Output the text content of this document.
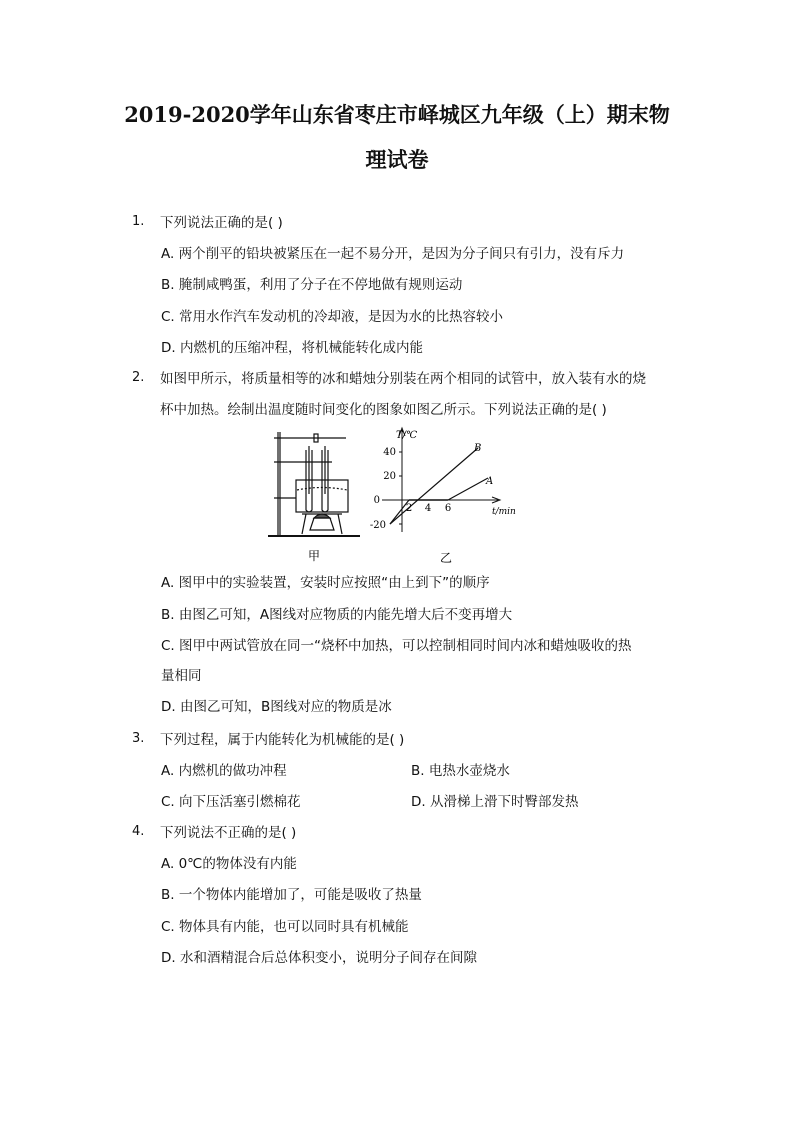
2019-2020学年山东省枣庄市峄城区九年级（上）期末物
理试卷
1. 下列说法正确的是( )
A. 两个削平的铅块被紧压在一起不易分开，是因为分子间只有引力，没有斥力
B. 腌制咸鸭蛋，利用了分子在不停地做有规则运动
C. 常用水作汽车发动机的冷却液，是因为水的比热容较小
D. 内燃机的压缩冲程，将机械能转化成内能
2. 如图甲所示，将质量相等的冰和蜡烛分别装在两个相同的试管中，放入装有水的烧
杯中加热。绘制出温度随时间变化的图象如图乙所示。下列说法正确的是( )
甲
T/℃
t/min
40
20
0
-20
2 4 6
A
B
乙
A. 图甲中的实验装置，安装时应按照“由上到下”的顺序
B. 由图乙可知，A图线对应物质的内能先增大后不变再增大
C. 图甲中两试管放在同一“烧杯中加热，可以控制相同时间内冰和蜡烛吸收的热
量相同
D. 由图乙可知，B图线对应的物质是冰
3. 下列过程，属于内能转化为机械能的是( )
A. 内燃机的做功冲程	B. 电热水壶烧水
C. 向下压活塞引燃棉花	D. 从滑梯上滑下时臀部发热
4. 下列说法不正确的是( )
A. 0℃的物体没有内能
B. 一个物体内能增加了，可能是吸收了热量
C. 物体具有内能，也可以同时具有机械能
D. 水和酒精混合后总体积变小，说明分子间存在间隙
